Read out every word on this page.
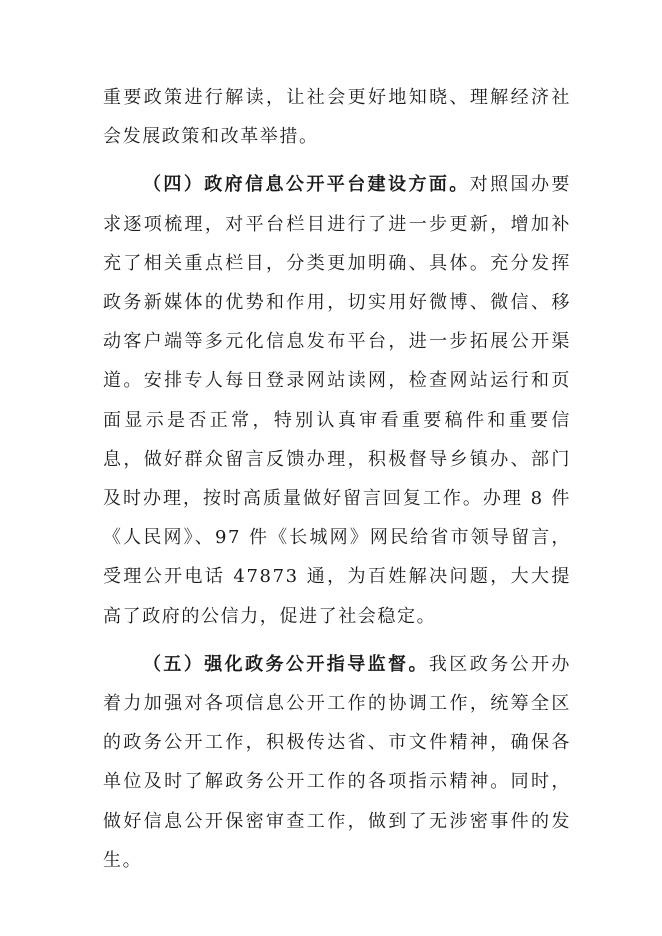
重要政策进行解读，让社会更好地知晓、理解经济社会发展政策和改革举措。

（四）政府信息公开平台建设方面。对照国办要求逐项梳理，对平台栏目进行了进一步更新，增加补充了相关重点栏目，分类更加明确、具体。充分发挥政务新媒体的优势和作用，切实用好微博、微信、移动客户端等多元化信息发布平台，进一步拓展公开渠道。安排专人每日登录网站读网，检查网站运行和页面显示是否正常，特别认真审看重要稿件和重要信息，做好群众留言反馈办理，积极督导乡镇办、部门及时办理，按时高质量做好留言回复工作。办理 8 件《人民网》、97 件《长城网》网民给省市领导留言，受理公开电话 47873 通，为百姓解决问题，大大提高了政府的公信力，促进了社会稳定。

（五）强化政务公开指导监督。我区政务公开办着力加强对各项信息公开工作的协调工作，统筹全区的政务公开工作，积极传达省、市文件精神，确保各单位及时了解政务公开工作的各项指示精神。同时，做好信息公开保密审查工作，做到了无涉密事件的发生。
